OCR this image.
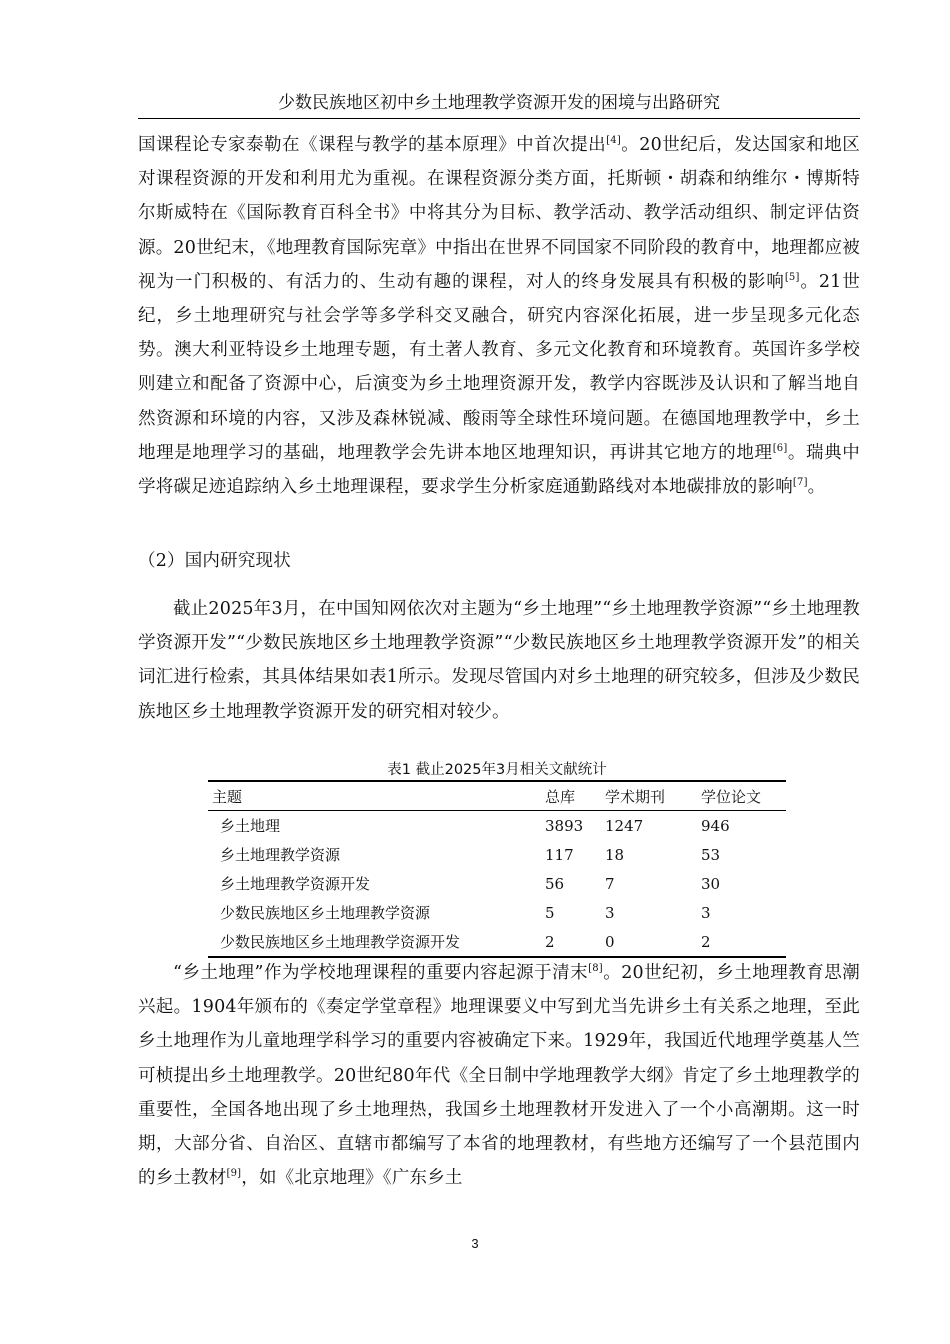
少数民族地区初中乡土地理教学资源开发的困境与出路研究

国课程论专家泰勒在《课程与教学的基本原理》中首次提出[4]。20世纪后，发达国家和地区对课程资源的开发和利用尤为重视。在课程资源分类方面，托斯顿・胡森和纳维尔・博斯特尔斯威特在《国际教育百科全书》中将其分为目标、教学活动、教学活动组织、制定评估资源。20世纪末，《地理教育国际宪章》中指出在世界不同国家不同阶段的教育中，地理都应被视为一门积极的、有活力的、生动有趣的课程，对人的终身发展具有积极的影响[5]。21世纪，乡土地理研究与社会学等多学科交叉融合，研究内容深化拓展，进一步呈现多元化态势。澳大利亚特设乡土地理专题，有土著人教育、多元文化教育和环境教育。英国许多学校则建立和配备了资源中心，后演变为乡土地理资源开发，教学内容既涉及认识和了解当地自然资源和环境的内容，又涉及森林锐减、酸雨等全球性环境问题。在德国地理教学中，乡土地理是地理学习的基础，地理教学会先讲本地区地理知识，再讲其它地方的地理[6]。瑞典中学将碳足迹追踪纳入乡土地理课程，要求学生分析家庭通勤路线对本地碳排放的影响[7]。

（2）国内研究现状

截止2025年3月，在中国知网依次对主题为“乡土地理”“乡土地理教学资源”“乡土地理教学资源开发”“少数民族地区乡土地理教学资源”“少数民族地区乡土地理教学资源开发”的相关词汇进行检索，其具体结果如表1所示。发现尽管国内对乡土地理的研究较多，但涉及少数民族地区乡土地理教学资源开发的研究相对较少。

表1 截止2025年3月相关文献统计
主题	总库	学术期刊	学位论文
乡土地理	3893	1247	946
乡土地理教学资源	117	18	53
乡土地理教学资源开发	56	7	30
少数民族地区乡土地理教学资源	5	3	3
少数民族地区乡土地理教学资源开发	2	0	2

“乡土地理”作为学校地理课程的重要内容起源于清末[8]。20世纪初，乡土地理教育思潮兴起。1904年颁布的《奏定学堂章程》地理课要义中写到尤当先讲乡土有关系之地理，至此乡土地理作为儿童地理学科学习的重要内容被确定下来。1929年，我国近代地理学奠基人竺可桢提出乡土地理教学。20世纪80年代《全日制中学地理教学大纲》肯定了乡土地理教学的重要性，全国各地出现了乡土地理热，我国乡土地理教材开发进入了一个小高潮期。这一时期，大部分省、自治区、直辖市都编写了本省的地理教材，有些地方还编写了一个县范围内的乡土教材[9]，如《北京地理》《广东乡土

3
